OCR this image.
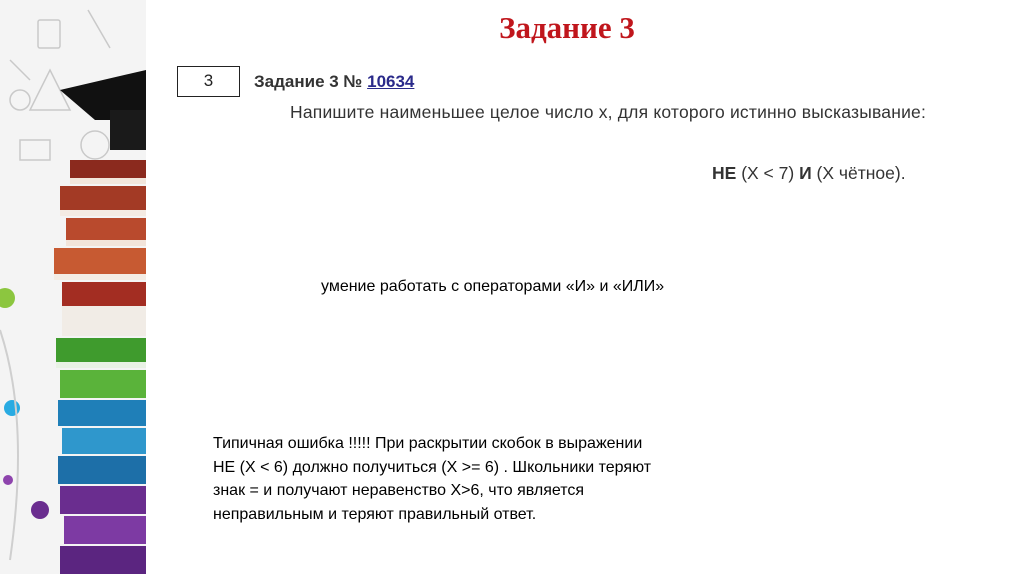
Задание 3
3	Задание 3 № 10634
Напишите наименьшее целое число x, для которого истинно высказывание:
НЕ (X < 7) И (X чётное).
умение работать с операторами «И» и «ИЛИ»
Типичная ошибка !!!!! При раскрытии скобок в выражении
НЕ (X < 6) должно получиться (X >= 6) . Школьники теряют
знак = и получают неравенство X>6, что является
неправильным и теряют правильный ответ.
